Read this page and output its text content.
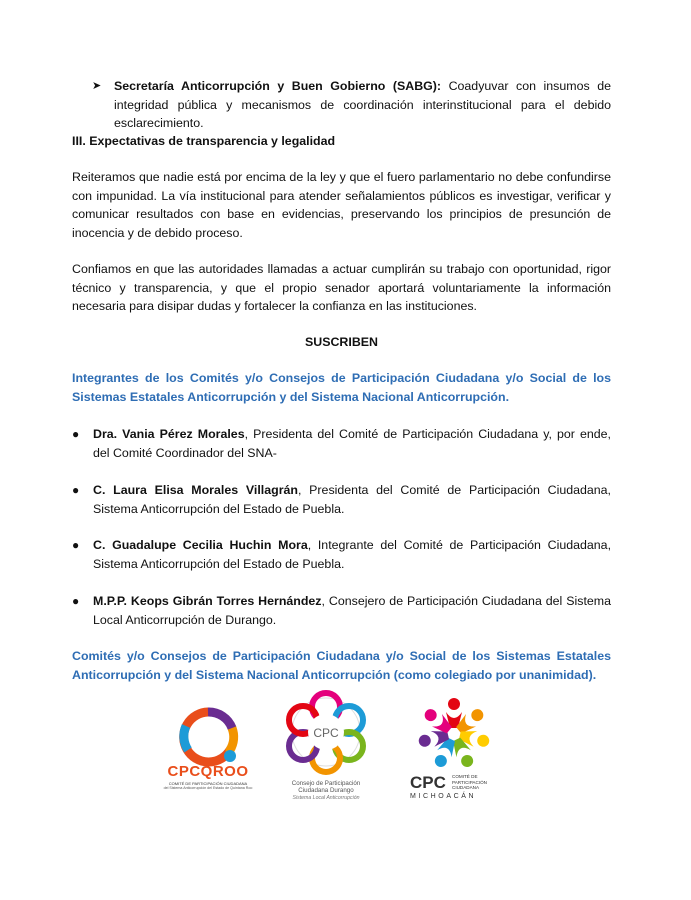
➤ Secretaría Anticorrupción y Buen Gobierno (SABG): Coadyuvar con insumos de integridad pública y mecanismos de coordinación interinstitucional para el debido esclarecimiento.

III. Expectativas de transparencia y legalidad

Reiteramos que nadie está por encima de la ley y que el fuero parlamentario no debe confundirse con impunidad. La vía institucional para atender señalamientos públicos es investigar, verificar y comunicar resultados con base en evidencias, preservando los principios de presunción de inocencia y de debido proceso.

Confiamos en que las autoridades llamadas a actuar cumplirán su trabajo con oportunidad, rigor técnico y transparencia, y que el propio senador aportará voluntariamente la información necesaria para disipar dudas y fortalecer la confianza en las instituciones.

SUSCRIBEN

Integrantes de los Comités y/o Consejos de Participación Ciudadana y/o Social de los Sistemas Estatales Anticorrupción y del Sistema Nacional Anticorrupción.

● Dra. Vania Pérez Morales, Presidenta del Comité de Participación Ciudadana y, por ende, del Comité Coordinador del SNA-

● C. Laura Elisa Morales Villagrán, Presidenta del Comité de Participación Ciudadana, Sistema Anticorrupción del Estado de Puebla.

● C. Guadalupe Cecilia Huchin Mora, Integrante del Comité de Participación Ciudadana, Sistema Anticorrupción del Estado de Puebla.

● M.P.P. Keops Gibrán Torres Hernández, Consejero de Participación Ciudadana del Sistema Local Anticorrupción de Durango.

Comités y/o Consejos de Participación Ciudadana y/o Social de los Sistemas Estatales Anticorrupción y del Sistema Nacional Anticorrupción (como colegiado por unanimidad).

CPCQROO
COMITÉ DE PARTICIPACIÓN CIUDADANA
del Sistema Anticorrupción del Estado de Quintana Roo
CPC
Consejo de Participación
Ciudadana Durango
Sistema Local Anticorrupción
CPC COMITÉ DE
PARTICIPACIÓN
CIUDADANA
MICHOACÁN
